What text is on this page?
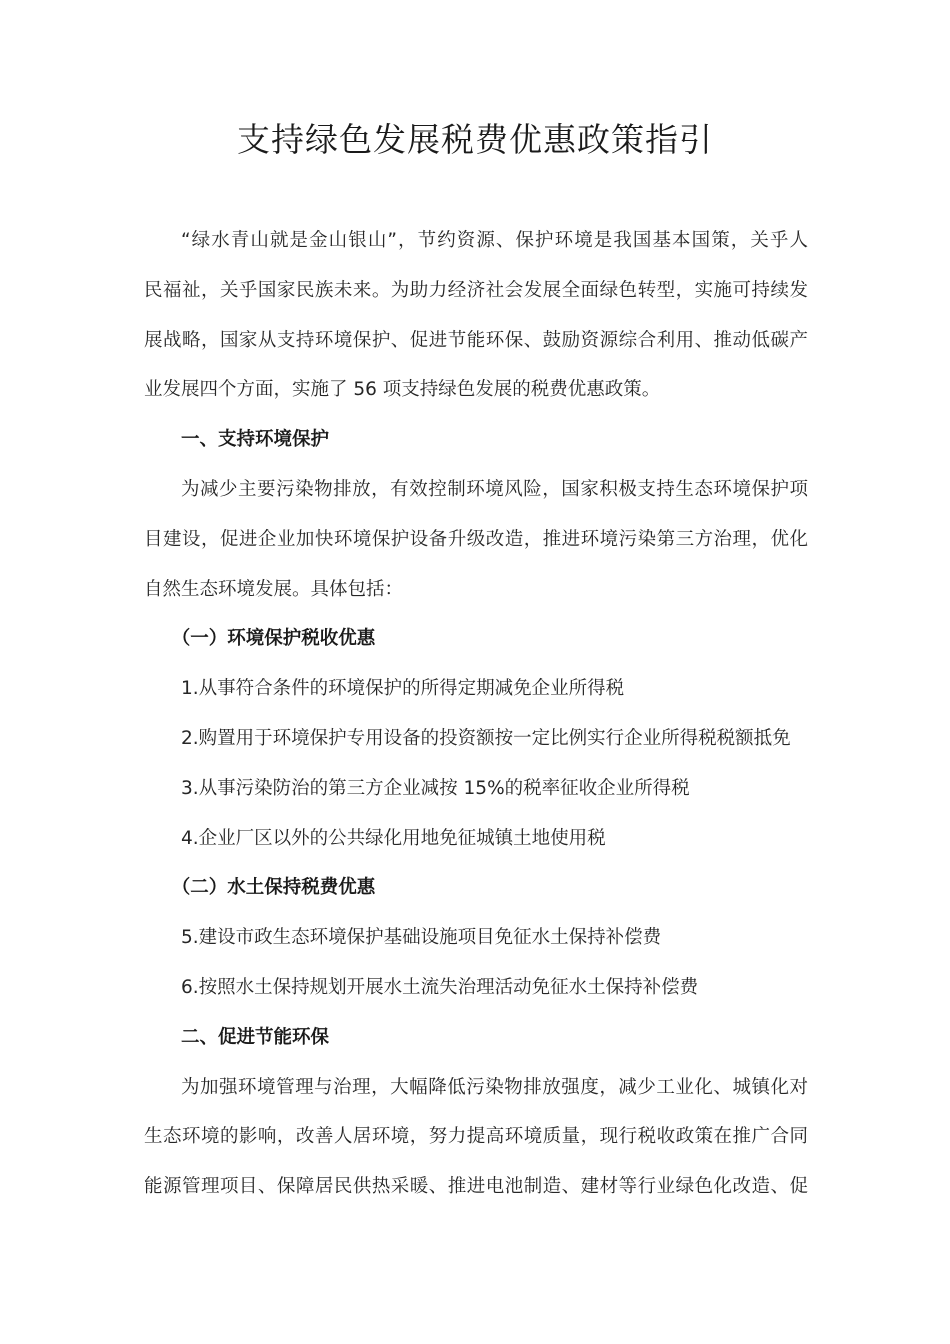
支持绿色发展税费优惠政策指引
“绿水青山就是金山银山”，节约资源、保护环境是我国基本国策，关乎人
民福祉，关乎国家民族未来。为助力经济社会发展全面绿色转型，实施可持续发
展战略，国家从支持环境保护、促进节能环保、鼓励资源综合利用、推动低碳产
业发展四个方面，实施了 56 项支持绿色发展的税费优惠政策。
一、支持环境保护
为减少主要污染物排放，有效控制环境风险，国家积极支持生态环境保护项
目建设，促进企业加快环境保护设备升级改造，推进环境污染第三方治理，优化
自然生态环境发展。具体包括：
（一）环境保护税收优惠
1.从事符合条件的环境保护的所得定期减免企业所得税
2.购置用于环境保护专用设备的投资额按一定比例实行企业所得税税额抵免
3.从事污染防治的第三方企业减按 15%的税率征收企业所得税
4.企业厂区以外的公共绿化用地免征城镇土地使用税
（二）水土保持税费优惠
5.建设市政生态环境保护基础设施项目免征水土保持补偿费
6.按照水土保持规划开展水土流失治理活动免征水土保持补偿费
二、促进节能环保
为加强环境管理与治理，大幅降低污染物排放强度，减少工业化、城镇化对
生态环境的影响，改善人居环境，努力提高环境质量，现行税收政策在推广合同
能源管理项目、保障居民供热采暖、推进电池制造、建材等行业绿色化改造、促
